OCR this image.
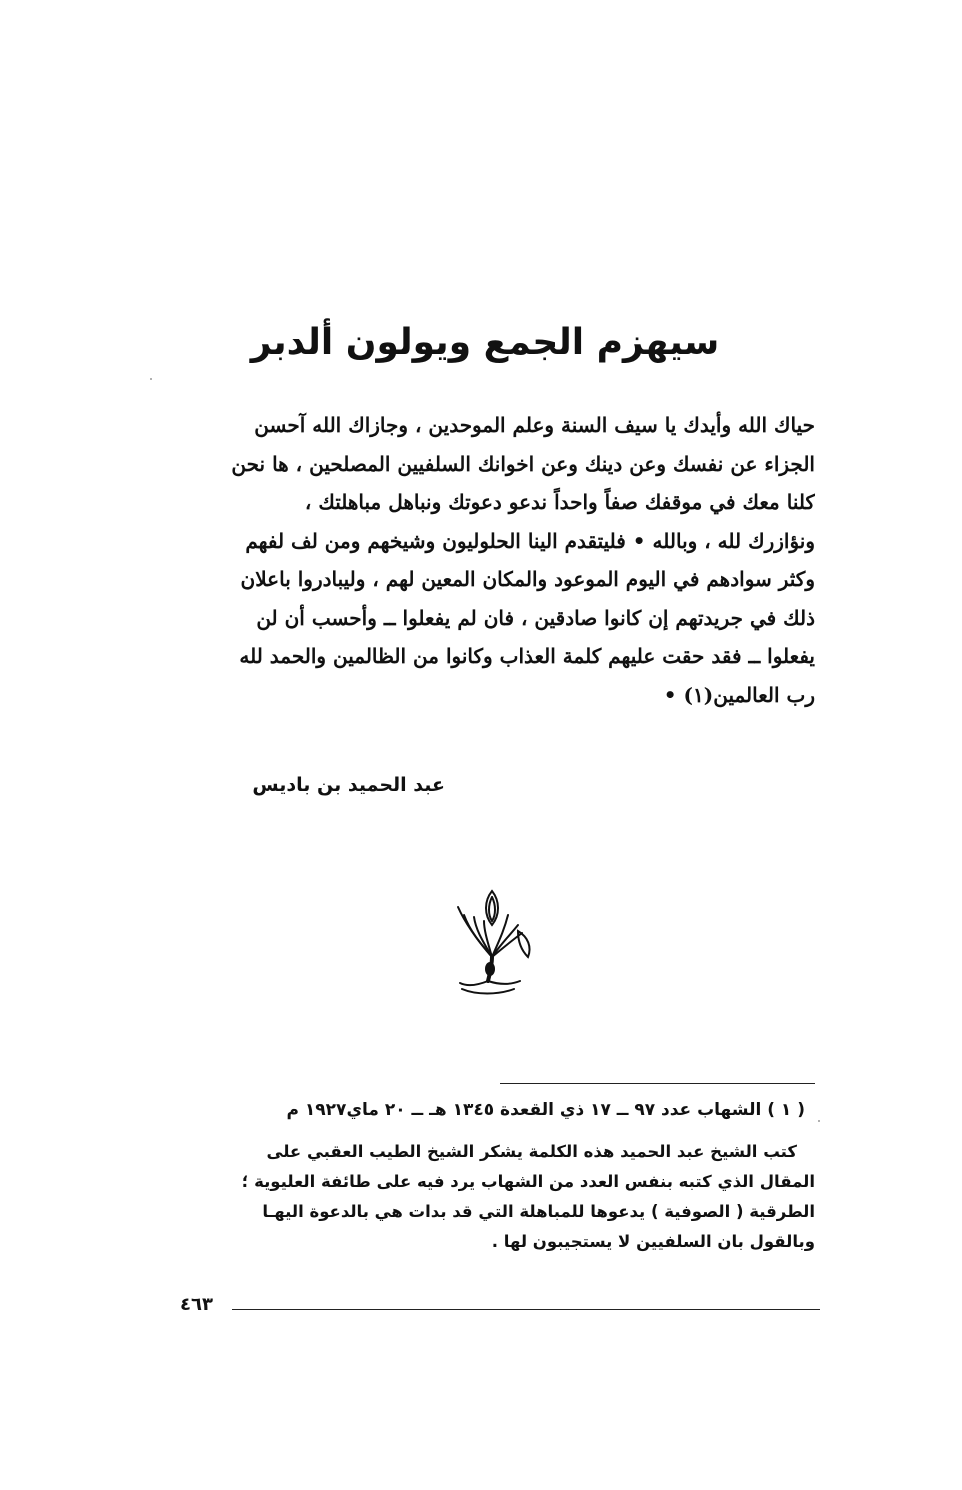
سيهزم الجمع ويولون ألدبر
حياك الله وأيدك يا سيف السنة وعلم الموحدين ، وجازاك الله آحسن
الجزاء عن نفسك وعن دينك وعن اخوانك السلفيين المصلحين ، ها نحن
كلنا معك في موقفك صفاً واحداً ندعو دعوتك ونباهل مباهلتك ،
ونؤازرك لله ، وبالله • فليتقدم الينا الحلوليون وشيخهم ومن لف لفهم
وكثر سوادهم في اليوم الموعود والمكان المعين لهم ، وليبادروا باعلان
ذلك في جريدتهم إن كانوا صادقين ، فان لم يفعلوا ــ وأحسب أن لن
يفعلوا ــ فقد حقت عليهم كلمة العذاب وكانوا من الظالمين والحمد لله
رب العالمين(١) •
عبد الحميد بن باديس
( ١ ) الشهاب عدد ٩٧ ــ ١٧ ذي القعدة ١٣٤٥ هـ ــ ٢٠ ماي١٩٢٧ م
كتب الشيخ عبد الحميد هذه الكلمة يشكر الشيخ الطيب العقبي على
المقال الذي كتبه بنفس العدد من الشهاب يرد فيه على طائفة العليوية ؛
الطرقية ( الصوفية ) يدعوها للمباهلة التي قد بدات هي بالدعوة اليهـا
وبالقول بان السلفيين لا يستجيبون لها .
٤٦٣
